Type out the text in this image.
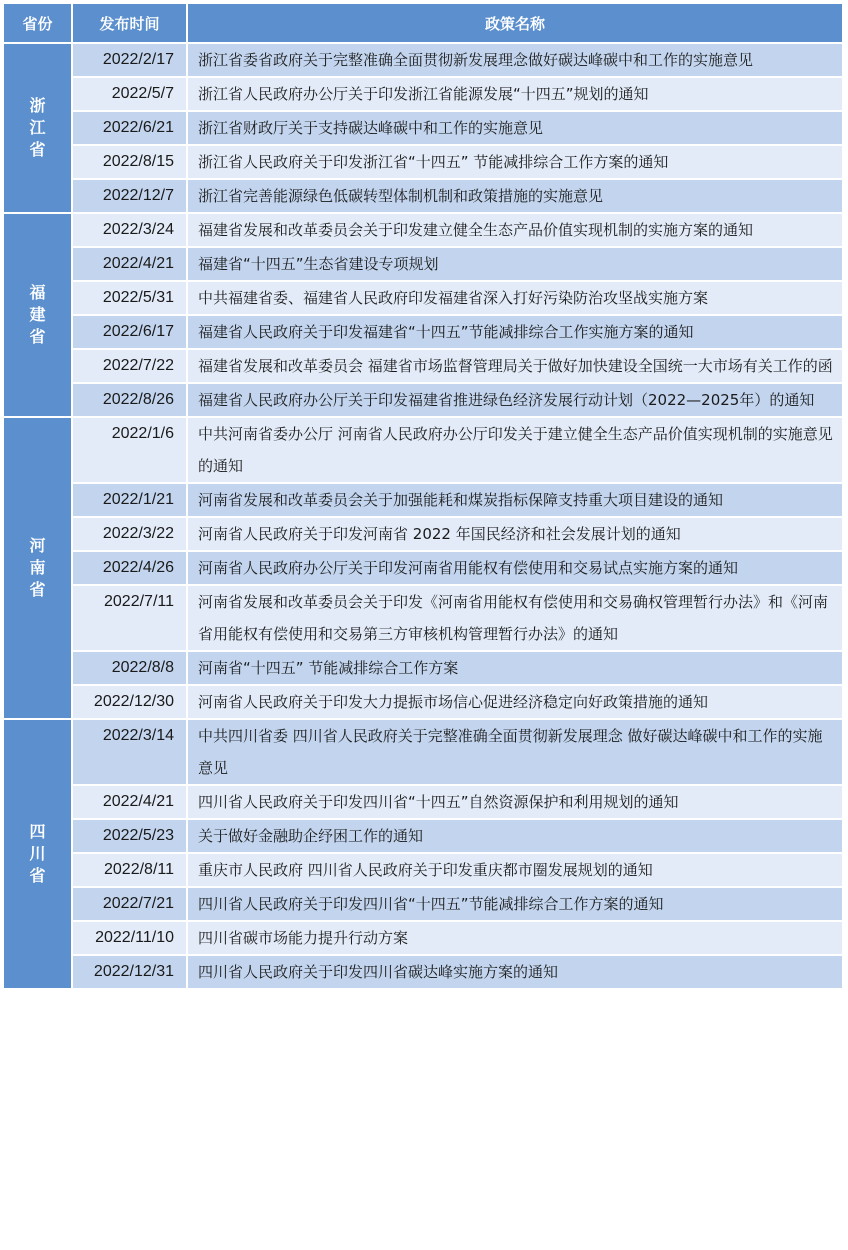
省份	发布时间	政策名称
浙江省	2022/2/17	浙江省委省政府关于完整准确全面贯彻新发展理念做好碳达峰碳中和工作的实施意见
	2022/5/7	浙江省人民政府办公厅关于印发浙江省能源发展“十四五”规划的通知
	2022/6/21	浙江省财政厅关于支持碳达峰碳中和工作的实施意见
	2022/8/15	浙江省人民政府关于印发浙江省“十四五” 节能减排综合工作方案的通知
	2022/12/7	浙江省完善能源绿色低碳转型体制机制和政策措施的实施意见
福建省	2022/3/24	福建省发展和改革委员会关于印发建立健全生态产品价值实现机制的实施方案的通知
	2022/4/21	福建省“十四五”生态省建设专项规划
	2022/5/31	中共福建省委、福建省人民政府印发福建省深入打好污染防治攻坚战实施方案
	2022/6/17	福建省人民政府关于印发福建省“十四五”节能减排综合工作实施方案的通知
	2022/7/22	福建省发展和改革委员会 福建省市场监督管理局关于做好加快建设全国统一大市场有关工作的函
	2022/8/26	福建省人民政府办公厅关于印发福建省推进绿色经济发展行动计划（2022—2025年）的通知
河南省	2022/1/6	中共河南省委办公厅 河南省人民政府办公厅印发关于建立健全生态产品价值实现机制的实施意见的通知
	2022/1/21	河南省发展和改革委员会关于加强能耗和煤炭指标保障支持重大项目建设的通知
	2022/3/22	河南省人民政府关于印发河南省 2022 年国民经济和社会发展计划的通知
	2022/4/26	河南省人民政府办公厅关于印发河南省用能权有偿使用和交易试点实施方案的通知
	2022/7/11	河南省发展和改革委员会关于印发《河南省用能权有偿使用和交易确权管理暂行办法》和《河南省用能权有偿使用和交易第三方审核机构管理暂行办法》的通知
	2022/8/8	河南省“十四五” 节能减排综合工作方案
	2022/12/30	河南省人民政府关于印发大力提振市场信心促进经济稳定向好政策措施的通知
四川省	2022/3/14	中共四川省委 四川省人民政府关于完整准确全面贯彻新发展理念 做好碳达峰碳中和工作的实施意见
	2022/4/21	四川省人民政府关于印发四川省“十四五”自然资源保护和利用规划的通知
	2022/5/23	关于做好金融助企纾困工作的通知
	2022/8/11	重庆市人民政府 四川省人民政府关于印发重庆都市圈发展规划的通知
	2022/7/21	四川省人民政府关于印发四川省“十四五”节能减排综合工作方案的通知
	2022/11/10	四川省碳市场能力提升行动方案
	2022/12/31	四川省人民政府关于印发四川省碳达峰实施方案的通知
